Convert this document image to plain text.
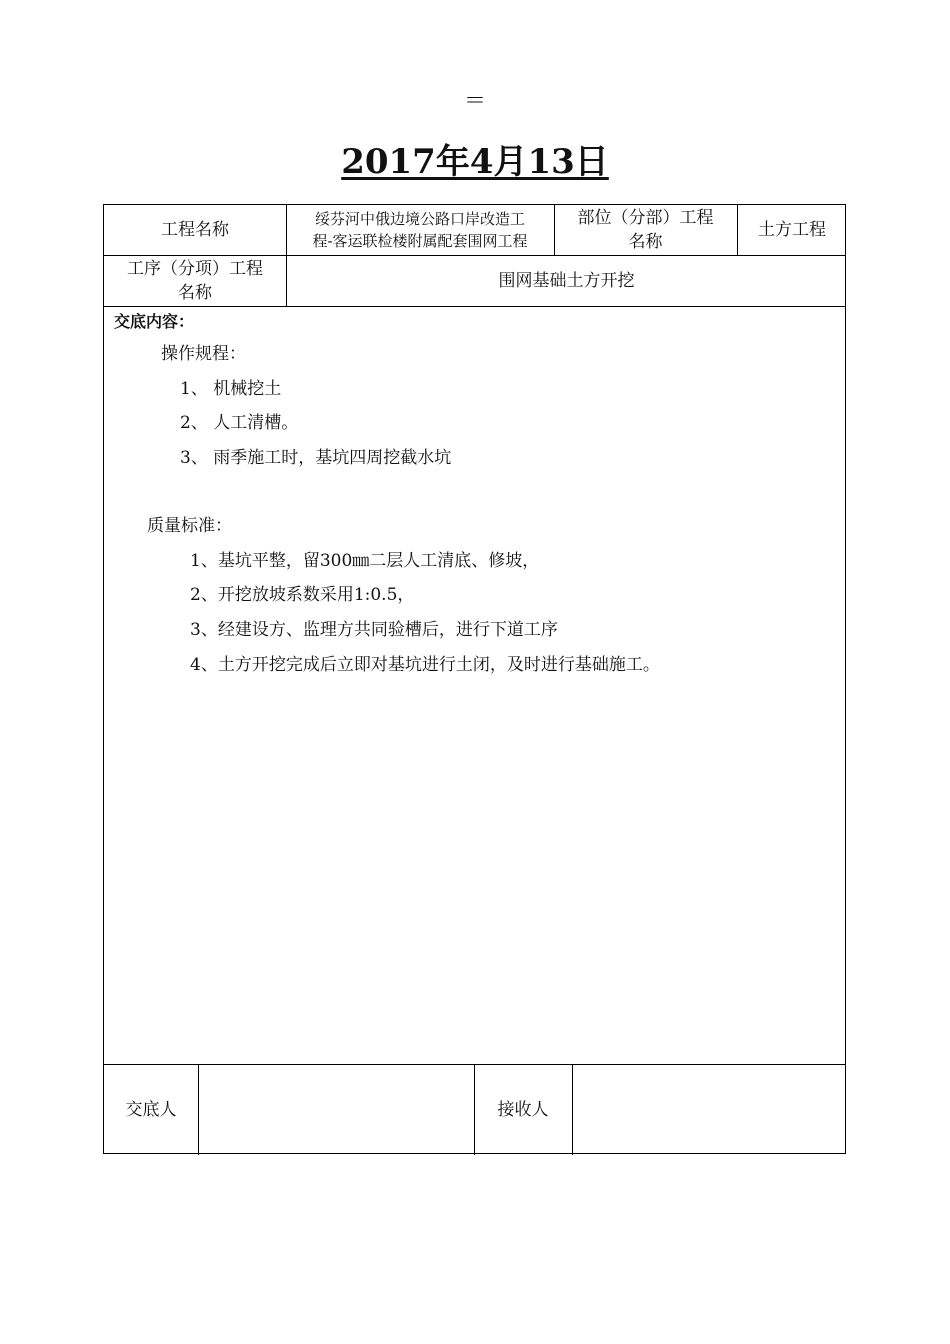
＝
2017年4月13日
工程名称
绥芬河中俄边境公路口岸改造工
程-客运联检楼附属配套围网工程
部位（分部）工程
名称
土方工程
工序（分项）工程
名称
围网基础土方开挖
交底内容：
操作规程：
1、 机械挖土
2、 人工清槽。
3、 雨季施工时，基坑四周挖截水坑
质量标准：
1、基坑平整，留300㎜二层人工清底、修坡，
2、开挖放坡系数采用1:0.5，
3、经建设方、监理方共同验槽后，进行下道工序
4、土方开挖完成后立即对基坑进行土闭，及时进行基础施工。
交底人	接收人
